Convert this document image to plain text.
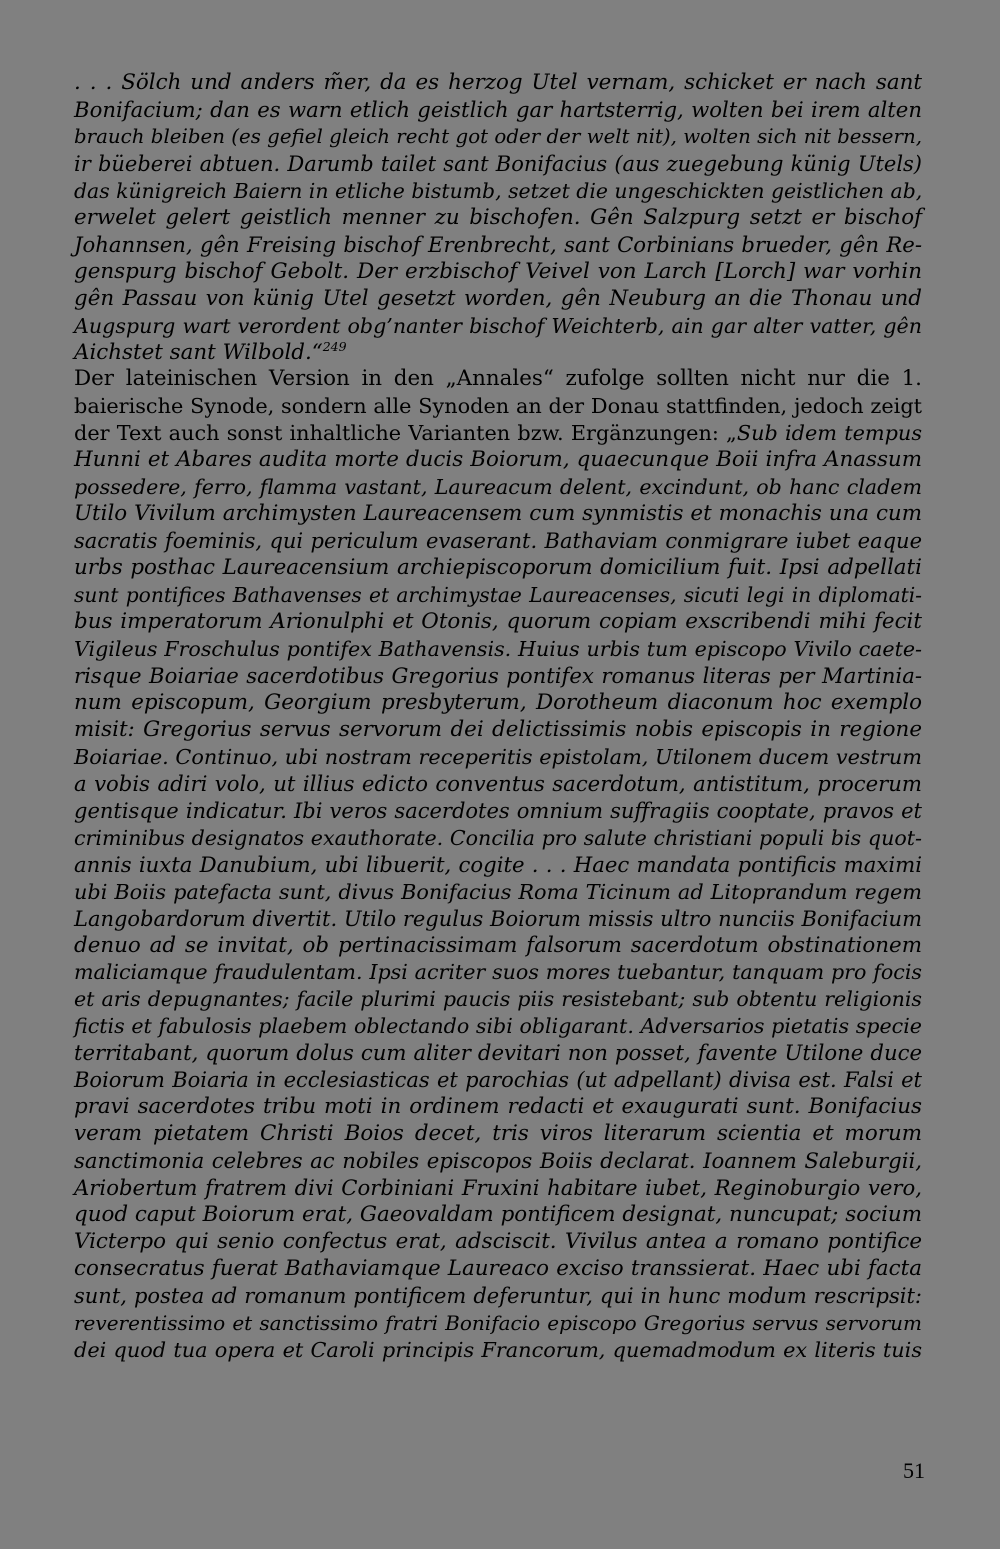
. . . Sölch und anders m̃er, da es herzog Utel vernam, schicket er nach sant
Bonifacium; dan es warn etlich geistlich gar hartsterrig, wolten bei irem alten
brauch bleiben (es gefiel gleich recht got oder der welt nit), wolten sich nit bessern,
ir büeberei abtuen. Darumb tailet sant Bonifacius (aus zuegebung künig Utels)
das künigreich Baiern in etliche bistumb, setzet die ungeschickten geistlichen ab,
erwelet gelert geistlich menner zu bischofen. Gên Salzpurg setzt er bischof
Johannsen, gên Freising bischof Erenbrecht, sant Corbinians brueder, gên Re-
genspurg bischof Gebolt. Der erzbischof Veivel von Larch [Lorch] war vorhin
gên Passau von künig Utel gesetzt worden, gên Neuburg an die Thonau und
Augspurg wart verordent obg’nanter bischof Weichterb, ain gar alter vatter, gên
Aichstet sant Wilbold.“$^{249}$

Der lateinischen Version in den „Annales“ zufolge sollten nicht nur die 1.
baierische Synode, sondern alle Synoden an der Donau stattfinden, jedoch zeigt
der Text auch sonst inhaltliche Varianten bzw. Ergänzungen: „Sub idem tempus
Hunni et Abares audita morte ducis Boiorum, quaecunque Boii infra Anassum
possedere, ferro, flamma vastant, Laureacum delent, excindunt, ob hanc cladem
Utilo Vivilum archimysten Laureacensem cum synmistis et monachis una cum
sacratis foeminis, qui periculum evaserant. Bathaviam conmigrare iubet eaque
urbs posthac Laureacensium archiepiscoporum domicilium fuit. Ipsi adpellati
sunt pontifices Bathavenses et archimystae Laureacenses, sicuti legi in diplomati-
bus imperatorum Arionulphi et Otonis, quorum copiam exscribendi mihi fecit
Vigileus Froschulus pontifex Bathavensis. Huius urbis tum episcopo Vivilo caete-
risque Boiariae sacerdotibus Gregorius pontifex romanus literas per Martinia-
num episcopum, Georgium presbyterum, Dorotheum diaconum hoc exemplo
misit: Gregorius servus servorum dei delictissimis nobis episcopis in regione
Boiariae. Continuo, ubi nostram receperitis epistolam, Utilonem ducem vestrum
a vobis adiri volo, ut illius edicto conventus sacerdotum, antistitum, procerum
gentisque indicatur. Ibi veros sacerdotes omnium suffragiis cooptate, pravos et
criminibus designatos exauthorate. Concilia pro salute christiani populi bis quot-
annis iuxta Danubium, ubi libuerit, cogite . . . Haec mandata pontificis maximi
ubi Boiis patefacta sunt, divus Bonifacius Roma Ticinum ad Litoprandum regem
Langobardorum divertit. Utilo regulus Boiorum missis ultro nunciis Bonifacium
denuo ad se invitat, ob pertinacissimam falsorum sacerdotum obstinationem
maliciamque fraudulentam. Ipsi acriter suos mores tuebantur, tanquam pro focis
et aris depugnantes; facile plurimi paucis piis resistebant; sub obtentu religionis
fictis et fabulosis plaebem oblectando sibi obligarant. Adversarios pietatis specie
territabant, quorum dolus cum aliter devitari non posset, favente Utilone duce
Boiorum Boiaria in ecclesiasticas et parochias (ut adpellant) divisa est. Falsi et
pravi sacerdotes tribu moti in ordinem redacti et exaugurati sunt. Bonifacius
veram pietatem Christi Boios decet, tris viros literarum scientia et morum
sanctimonia celebres ac nobiles episcopos Boiis declarat. Ioannem Saleburgii,
Ariobertum fratrem divi Corbiniani Fruxini habitare iubet, Reginoburgio vero,
quod caput Boiorum erat, Gaeovaldam pontificem designat, nuncupat; socium
Victerpo qui senio confectus erat, adsciscit. Vivilus antea a romano pontifice
consecratus fuerat Bathaviamque Laureaco exciso transsierat. Haec ubi facta
sunt, postea ad romanum pontificem deferuntur, qui in hunc modum rescripsit:
reverentissimo et sanctissimo fratri Bonifacio episcopo Gregorius servus servorum
dei quod tua opera et Caroli principis Francorum, quemadmodum ex literis tuis

51
